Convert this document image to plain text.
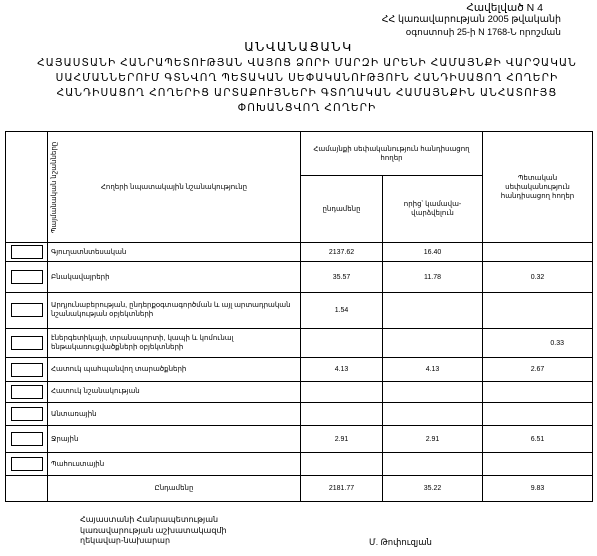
Հավելված N 4
ՀՀ կառավարության 2005 թվականի
օգոստոսի 25-ի N 1768-Ն որոշման
ԱՆՎԱՆԱՑԱՆԿ
ՀԱՅԱՍՏԱՆԻ ՀԱՆՐԱՊԵՏՈՒԹՅԱՆ ՎԱՅՈՑ ՁՈՐԻ ՄԱՐԶԻ ԱՐԵՆԻ ՀԱՄԱՅՆՔԻ ՎԱՐՉԱԿԱՆ
ՍԱՀՄԱՆՆԵՐՈՒՄ ԳՏՆՎՈՂ ՊԵՏԱԿԱՆ ՍԵՓԱԿԱՆՈՒԹՅՈՒՆ ՀԱՆԴԻՍԱՑՈՂ ՀՈՂԵՐԻ
ՀԱՆԴԻՍԱՑՈՂ ՀՈՂԵՐԻՑ ԱՐՏԱՔՈՒՅՆԵՐԻ ԳՏՈՂԱԿԱՆ ՀԱՄԱՅՆՔԻՆ ԱՆՀԱՏՈՒՅՑ
ՓՈԽԱՆՑՎՈՂ ՀՈՂԵՐԻ
Պայմանական նշանները	Հողերի նպատակային նշանակությունը	Համայնքի սեփականություն հանդիսացող հողեր		Պետական սեփականություն հանդիսացող հողեր
		ընդամենը	որից՝ կամավա- վարձվելուն	
	Գյուղատնտեսական	2137.62	16.40	
	Բնակավայրերի	35.57	11.78	0.32
	Արդյունաբերության, ընդերքօգտագործման և այլ արտադրական նշանակության օբյեկտների	1.54		
	էներգետիկայի, տրանսպորտի, կապի և կոմունալ ենթակառուցվածքների օբյեկտների			0.33
	Հատուկ պահպանվող տարածքների	4.13	4.13	2.67
	Հատուկ նշանակության			
	Անտառային			
	Ջրային	2.91	2.91	6.51
	Պահուստային			
	Ընդամենը	2181.77	35.22	9.83
Հայաստանի Հանրապետության
կառավարության աշխատակազմի
ղեկավար-նախարար	Մ. Թոփուզյան
